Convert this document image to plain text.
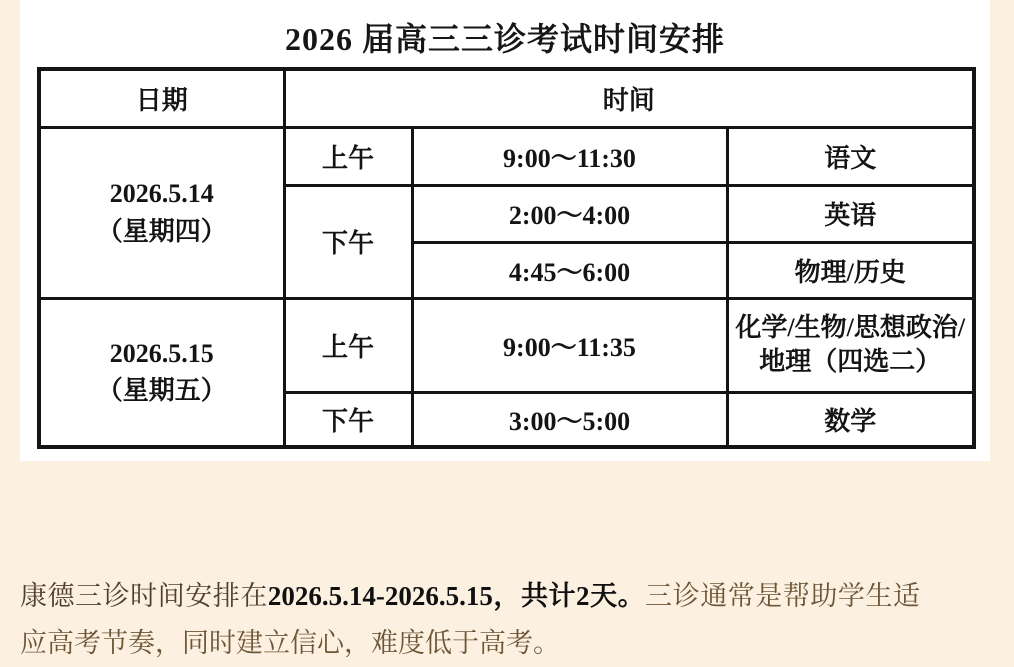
2026 届高三三诊考试时间安排
日期	时间		

2026.5.14
（星期四）	上午	9:00～11:30	语文
	下午	2:00～4:00	英语
		4:45～6:00	物理/历史

2026.5.15
（星期五）	上午	9:00～11:35	化学/生物/思想政治/地理（四选二）
	下午	3:00～5:00	数学

康德三诊时间安排在2026.5.14-2026.5.15，共计2天。三诊通常是帮助学生适应高考节奏，同时建立信心，难度低于高考。
